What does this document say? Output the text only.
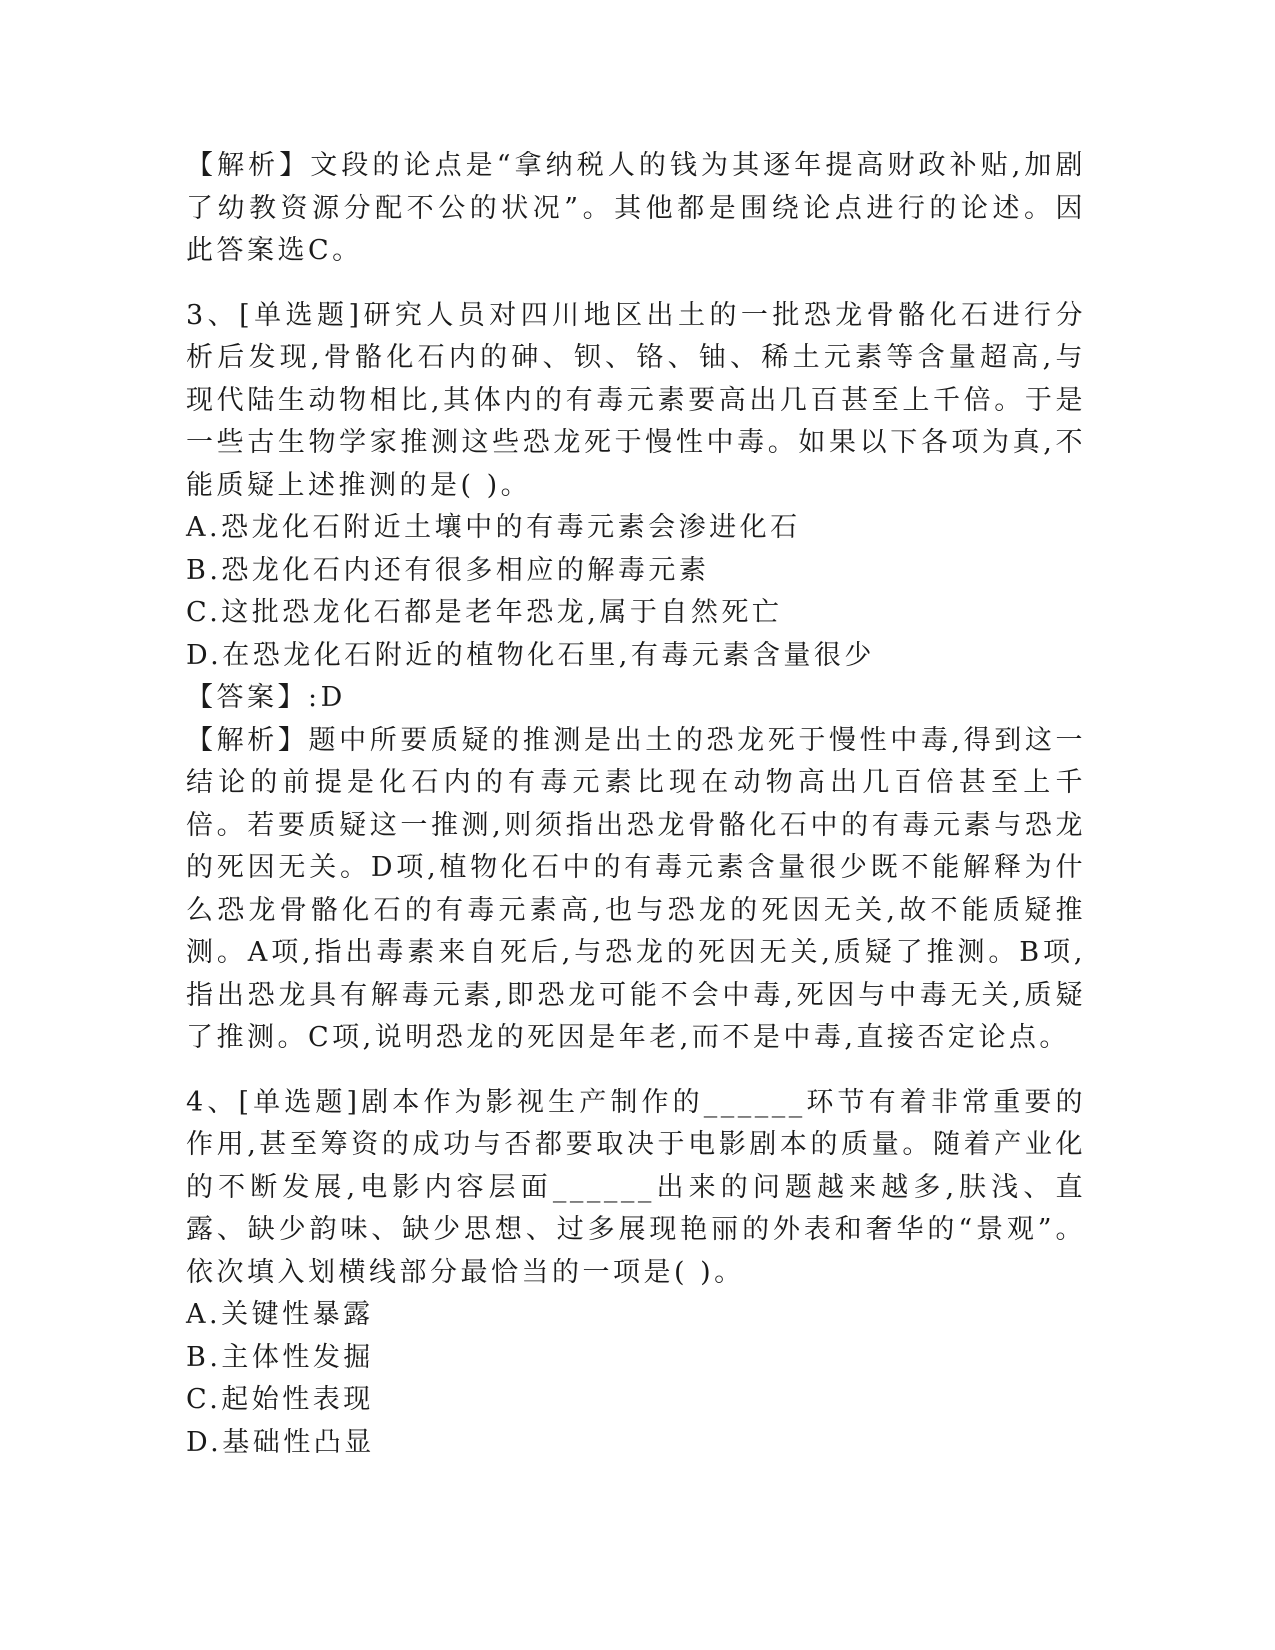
【解析】文段的论点是“拿纳税人的钱为其逐年提高财政补贴,加剧了幼教资源分配不公的状况”。其他都是围绕论点进行的论述。因此答案选C。

3、[单选题]研究人员对四川地区出土的一批恐龙骨骼化石进行分析后发现,骨骼化石内的砷、钡、铬、铀、稀土元素等含量超高,与现代陆生动物相比,其体内的有毒元素要高出几百甚至上千倍。于是一些古生物学家推测这些恐龙死于慢性中毒。如果以下各项为真,不能质疑上述推测的是( )。

A.恐龙化石附近土壤中的有毒元素会渗进化石

B.恐龙化石内还有很多相应的解毒元素

C.这批恐龙化石都是老年恐龙,属于自然死亡

D.在恐龙化石附近的植物化石里,有毒元素含量很少

【答案】:D

【解析】题中所要质疑的推测是出土的恐龙死于慢性中毒,得到这一结论的前提是化石内的有毒元素比现在动物高出几百倍甚至上千倍。若要质疑这一推测,则须指出恐龙骨骼化石中的有毒元素与恐龙的死因无关。D项,植物化石中的有毒元素含量很少既不能解释为什么恐龙骨骼化石的有毒元素高,也与恐龙的死因无关,故不能质疑推测。A项,指出毒素来自死后,与恐龙的死因无关,质疑了推测。B项,指出恐龙具有解毒元素,即恐龙可能不会中毒,死因与中毒无关,质疑了推测。C项,说明恐龙的死因是年老,而不是中毒,直接否定论点。

4、[单选题]剧本作为影视生产制作的______环节有着非常重要的作用,甚至筹资的成功与否都要取决于电影剧本的质量。随着产业化的不断发展,电影内容层面______出来的问题越来越多,肤浅、直露、缺少韵味、缺少思想、过多展现艳丽的外表和奢华的“景观”。依次填入划横线部分最恰当的一项是( )。

A.关键性暴露

B.主体性发掘

C.起始性表现

D.基础性凸显
